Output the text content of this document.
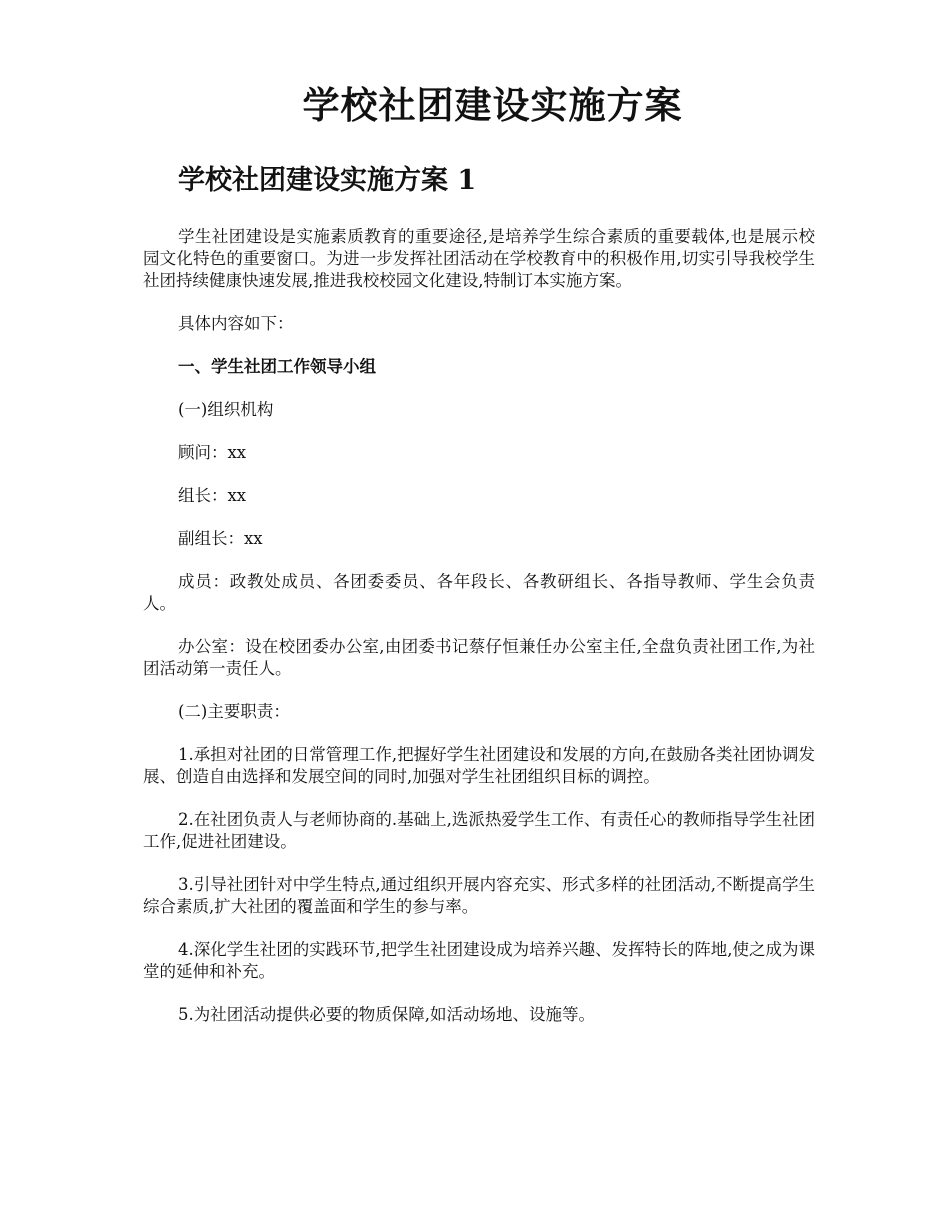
学校社团建设实施方案
学校社团建设实施方案 1

学生社团建设是实施素质教育的重要途径,是培养学生综合素质的重要载体,也是展示校园文化特色的重要窗口。为进一步发挥社团活动在学校教育中的积极作用,切实引导我校学生社团持续健康快速发展,推进我校校园文化建设,特制订本实施方案。

具体内容如下：

一、学生社团工作领导小组

(一)组织机构

顾问：xx

组长：xx

副组长：xx

成员：政教处成员、各团委委员、各年段长、各教研组长、各指导教师、学生会负责人。

办公室：设在校团委办公室,由团委书记蔡仔恒兼任办公室主任,全盘负责社团工作,为社团活动第一责任人。

(二)主要职责：

1.承担对社团的日常管理工作,把握好学生社团建设和发展的方向,在鼓励各类社团协调发展、创造自由选择和发展空间的同时,加强对学生社团组织目标的调控。

2.在社团负责人与老师协商的.基础上,选派热爱学生工作、有责任心的教师指导学生社团工作,促进社团建设。

3.引导社团针对中学生特点,通过组织开展内容充实、形式多样的社团活动,不断提高学生综合素质,扩大社团的覆盖面和学生的参与率。

4.深化学生社团的实践环节,把学生社团建设成为培养兴趣、发挥特长的阵地,使之成为课堂的延伸和补充。

5.为社团活动提供必要的物质保障,如活动场地、设施等。
